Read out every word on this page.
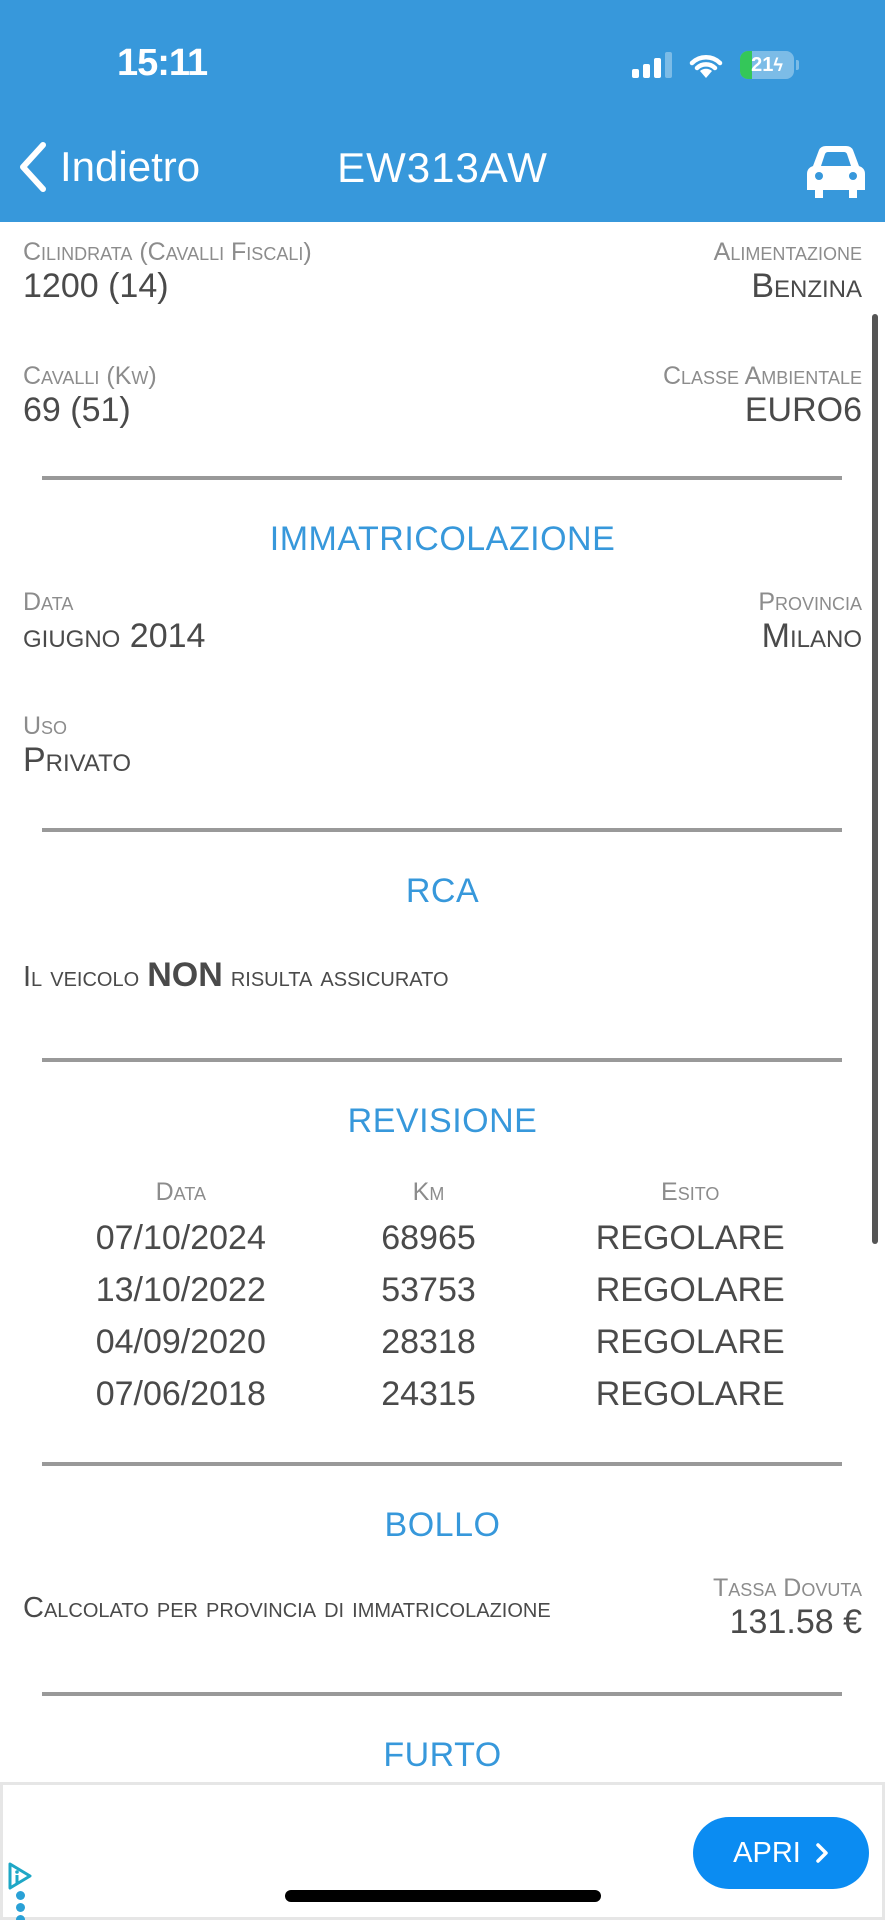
15:11	21 ϟ
Indietro	EW313AW
Cilindrata (Cavalli Fiscali)
1200 (14)
Alimentazione
Benzina
Cavalli (Kw)
69 (51)
Classe Ambientale
EURO6
IMMATRICOLAZIONE
Data
giugno 2014
Provincia
Milano
Uso
Privato
RCA
Il veicolo NON risulta assicurato
REVISIONE
Data	Km	Esito
07/10/2024	68965	REGOLARE
13/10/2022	53753	REGOLARE
04/09/2020	28318	REGOLARE
07/06/2018	24315	REGOLARE
BOLLO
Calcolato per provincia di immatricolazione
Tassa Dovuta
131.58 €
FURTO
APRI
